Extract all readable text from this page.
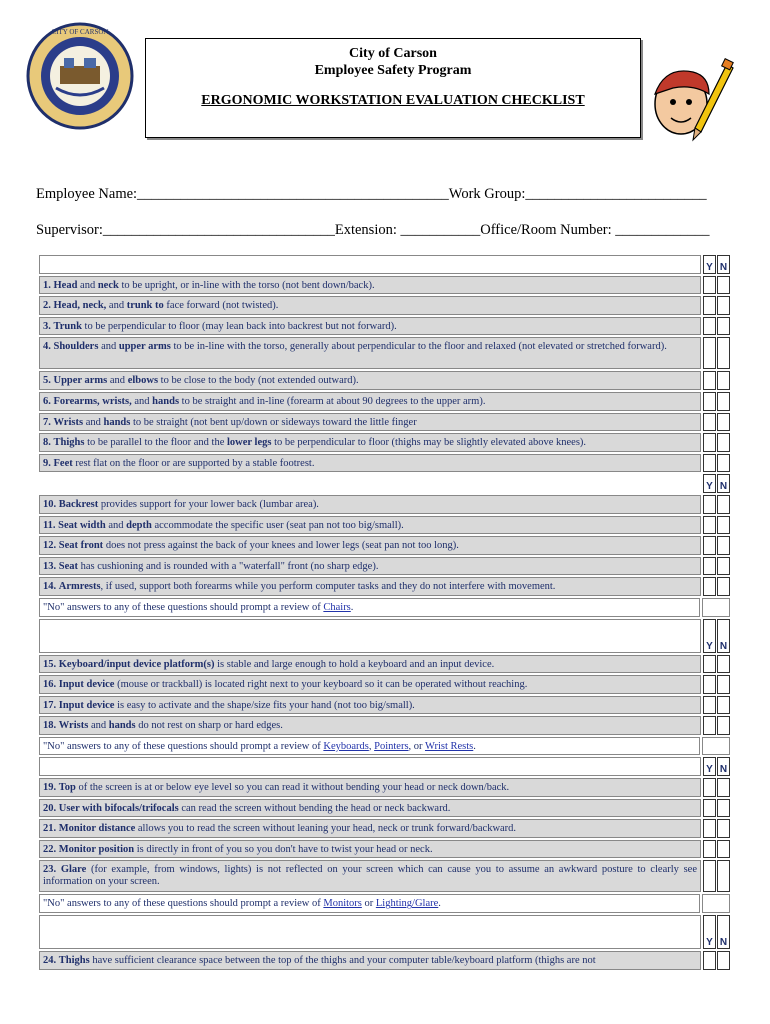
CITY OF CARSON
City of Carson
Employee Safety Program
ERGONOMIC WORKSTATION EVALUATION CHECKLIST
Employee Name:___________________________________________Work Group:_________________________
Supervisor:________________________________Extension: ___________Office/Room Number: _____________
Y N
1. Head and neck to be upright, or in-line with the torso (not bent down/back).
2. Head, neck, and trunk to face forward (not twisted).
3. Trunk to be perpendicular to floor (may lean back into backrest but not forward).
4. Shoulders and upper arms to be in-line with the torso, generally about perpendicular to the floor and relaxed (not elevated or stretched forward).
5. Upper arms and elbows to be close to the body (not extended outward).
6. Forearms, wrists, and hands to be straight and in-line (forearm at about 90 degrees to the upper arm).
7. Wrists and hands to be straight (not bent up/down or sideways toward the little finger
8. Thighs to be parallel to the floor and the lower legs to be perpendicular to floor (thighs may be slightly elevated above knees).
9. Feet rest flat on the floor or are supported by a stable footrest.
Y N
10. Backrest provides support for your lower back (lumbar area).
11. Seat width and depth accommodate the specific user (seat pan not too big/small).
12. Seat front does not press against the back of your knees and lower legs (seat pan not too long).
13. Seat has cushioning and is rounded with a "waterfall" front (no sharp edge).
14. Armrests, if used, support both forearms while you perform computer tasks and they do not interfere with movement.
"No" answers to any of these questions should prompt a review of Chairs.
Y N
15. Keyboard/input device platform(s) is stable and large enough to hold a keyboard and an input device.
16. Input device (mouse or trackball) is located right next to your keyboard so it can be operated without reaching.
17. Input device is easy to activate and the shape/size fits your hand (not too big/small).
18. Wrists and hands do not rest on sharp or hard edges.
"No" answers to any of these questions should prompt a review of Keyboards, Pointers, or Wrist Rests.
Y N
19. Top of the screen is at or below eye level so you can read it without bending your head or neck down/back.
20. User with bifocals/trifocals can read the screen without bending the head or neck backward.
21. Monitor distance allows you to read the screen without leaning your head, neck or trunk forward/backward.
22. Monitor position is directly in front of you so you don't have to twist your head or neck.
23. Glare (for example, from windows, lights) is not reflected on your screen which can cause you to assume an awkward posture to clearly see information on your screen.
"No" answers to any of these questions should prompt a review of Monitors or Lighting/Glare.
Y N
24. Thighs have sufficient clearance space between the top of the thighs and your computer table/keyboard platform (thighs are not
